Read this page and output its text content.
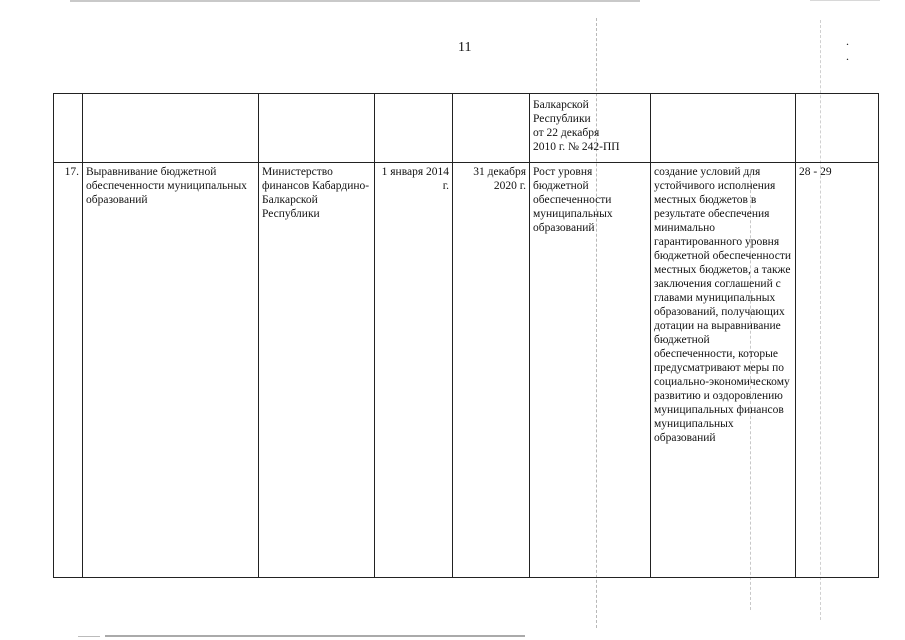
11	. .
					Балкарской
Республики
от 22 декабря
2010 г. № 242-ПП		
17.	Выравнивание бюджетной обеспеченности муниципальных образований	Министерство финансов Кабардино-Балкарской Республики	1 января 2014 г.	31 декабря 2020 г.	Рост уровня бюджетной обеспеченности муниципальных образований	создание условий для устойчивого исполнения местных бюджетов в результате обеспечения минимально гарантированного уровня бюджетной обеспеченности местных бюджетов, а также заключения соглашений с главами муниципальных образований, получающих дотации на выравнивание бюджетной обеспеченности, которые предусматривают меры по социально-экономическому развитию и оздоровлению муниципальных финансов муниципальных образований	28 - 29
